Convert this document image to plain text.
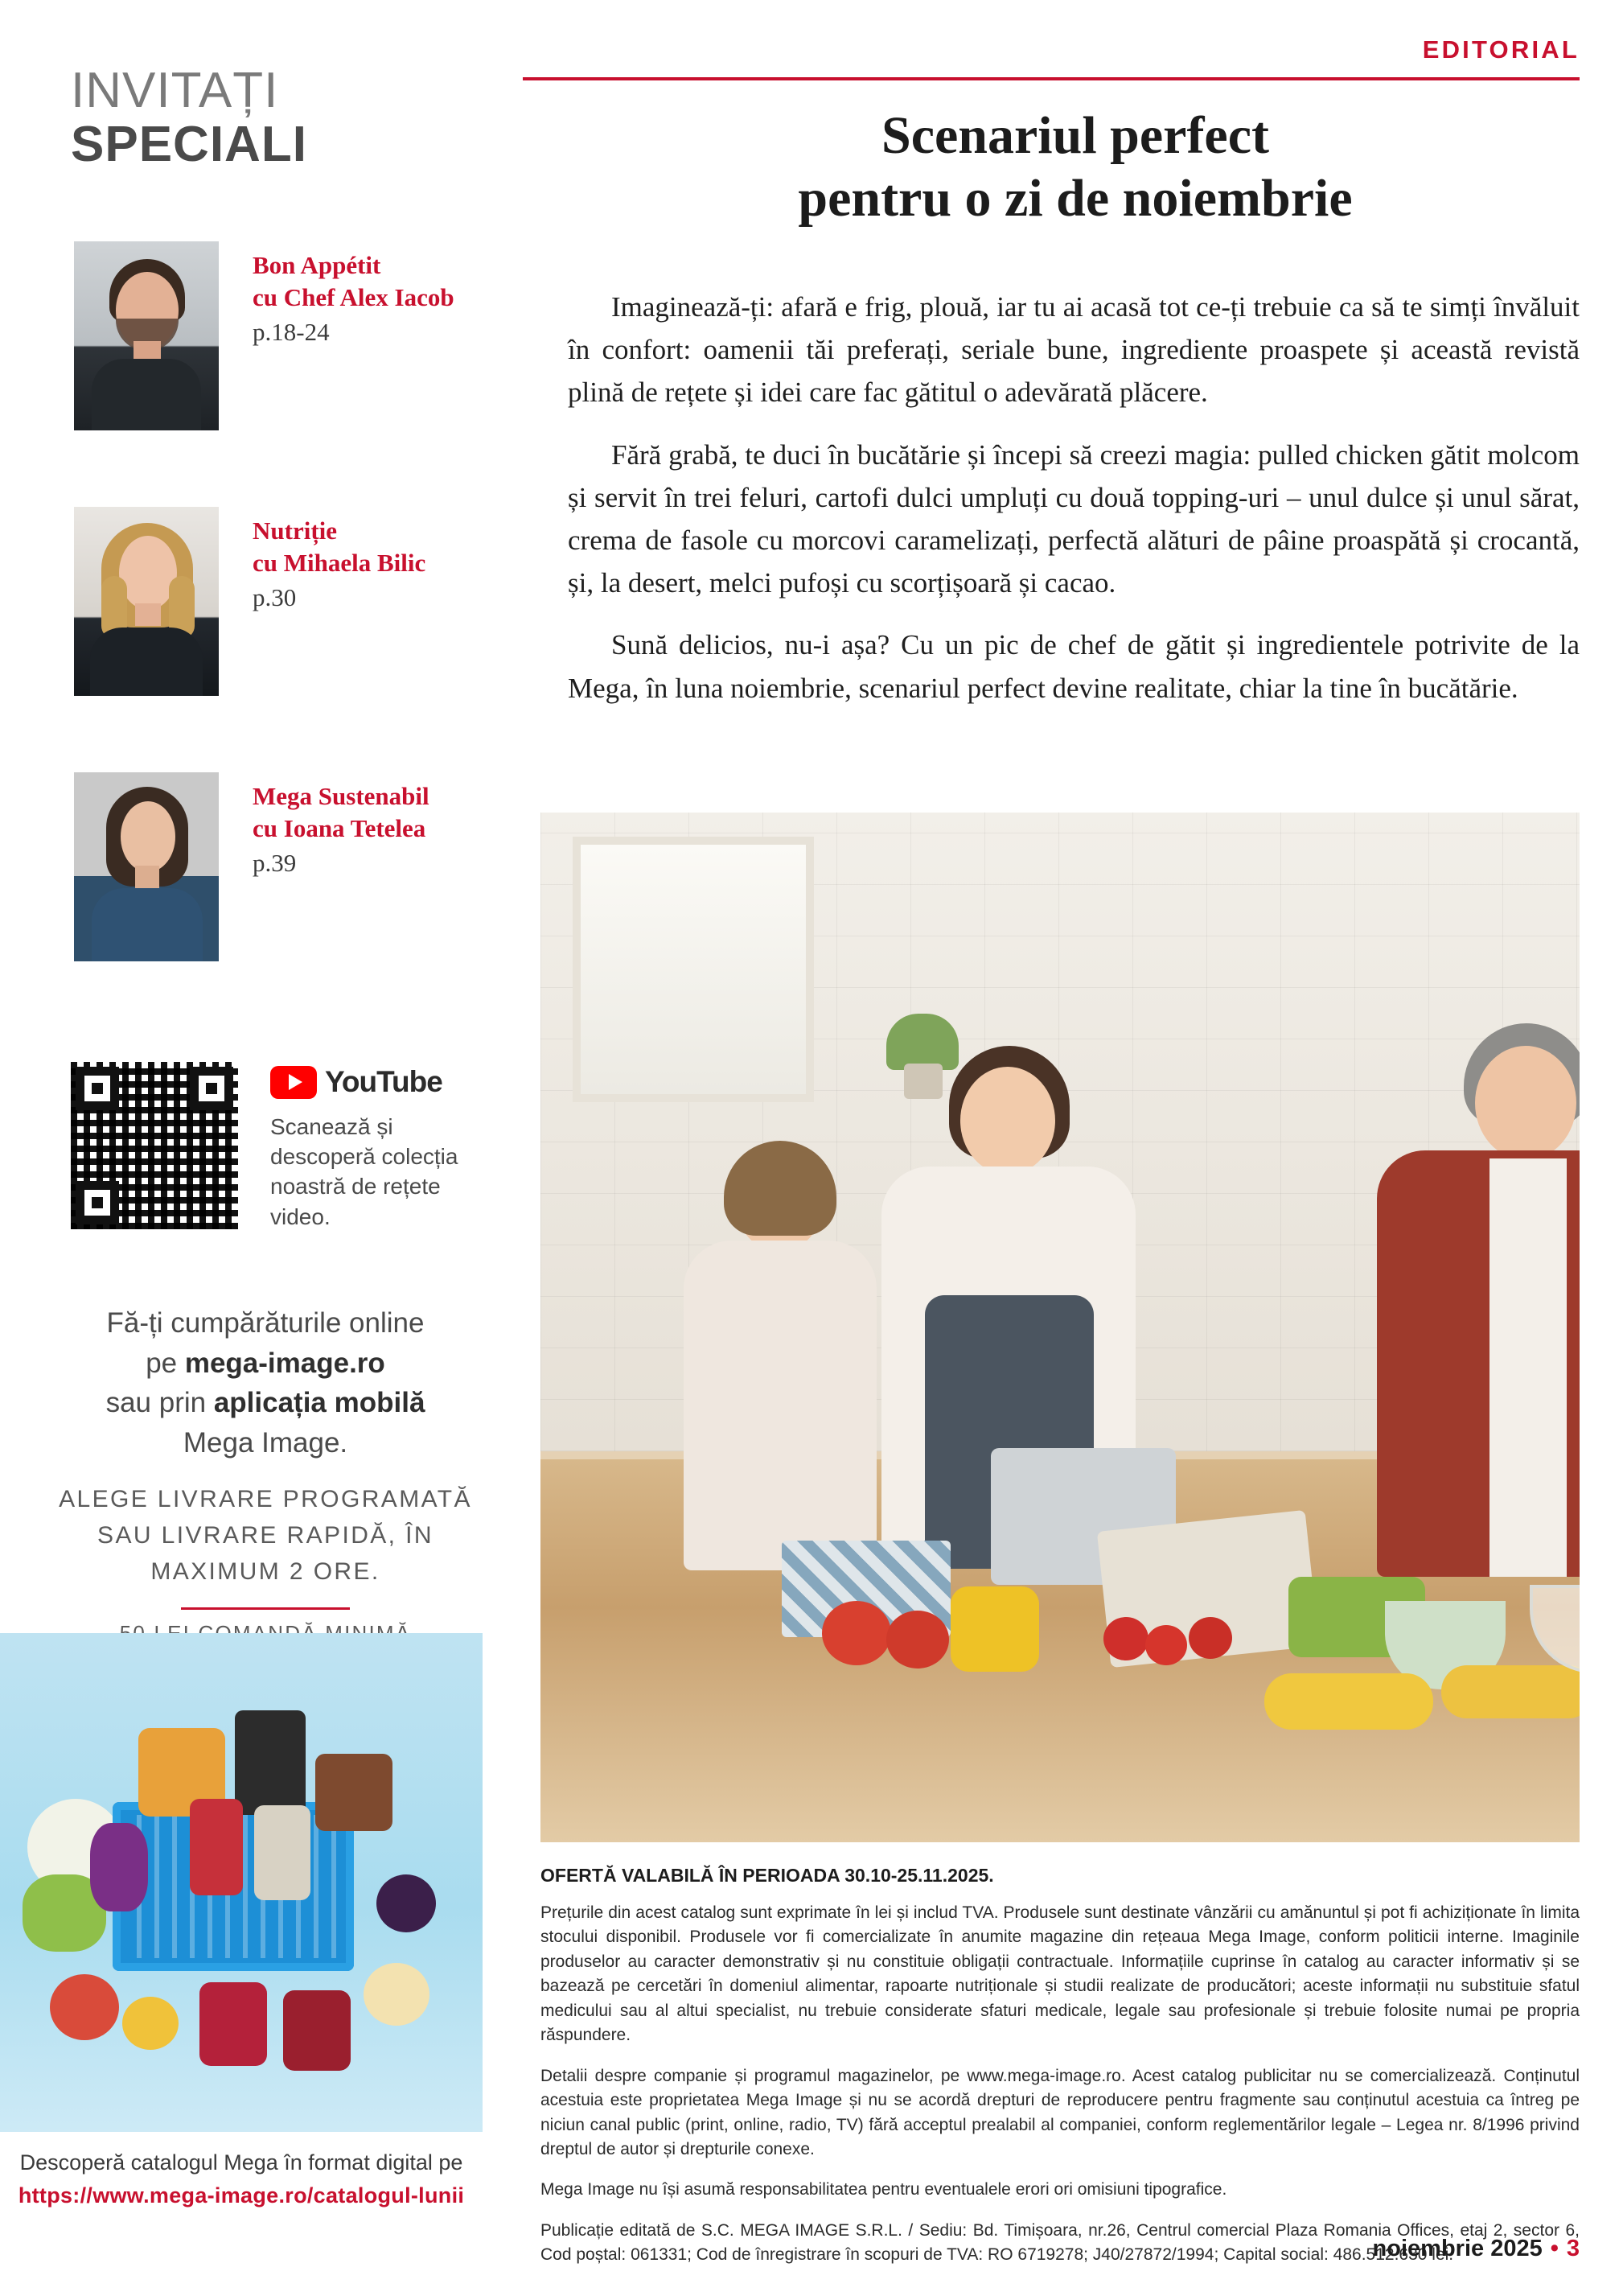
INVITAȚI
SPECIALI
Bon Appétit
cu Chef Alex Iacob
p.18-24
Nutriție
cu Mihaela Bilic
p.30
Mega Sustenabil
cu Ioana Tetelea
p.39
YouTube
Scanează și descoperă colecția noastră de rețete video.
Fă-ți cumpărăturile online
pe mega-image.ro
sau prin aplicația mobilă
Mega Image.
ALEGE LIVRARE PROGRAMATĂ SAU LIVRARE RAPIDĂ, ÎN MAXIMUM 2 ORE.
Descoperă catalogul Mega în format digital pe
https://www.mega-image.ro/catalogul-lunii
EDITORIAL
Scenariul perfect
pentru o zi de noiembrie

Imaginează-ți: afară e frig, plouă, iar tu ai acasă tot ce-ți trebuie ca să te simți învăluit în confort: oamenii tăi preferați, seriale bune, ingrediente proaspete și această revistă plină de rețete și idei care fac gătitul o adevărată plăcere.

Fără grabă, te duci în bucătărie și începi să creezi magia: pulled chicken gătit molcom și servit în trei feluri, cartofi dulci umpluți cu două topping-uri – unul dulce și unul sărat, crema de fasole cu morcovi caramelizați, perfectă alături de pâine proaspătă și crocantă, și, la desert, melci pufoși cu scorțișoară și cacao.

Sună delicios, nu-i așa? Cu un pic de chef de gătit și ingredientele potrivite de la Mega, în luna noiembrie, scenariul perfect devine realitate, chiar la tine în bucătărie.

OFERTĂ VALABILĂ ÎN PERIOADA 30.10-25.11.2025.

Prețurile din acest catalog sunt exprimate în lei și includ TVA. Produsele sunt destinate vânzării cu amănuntul și pot fi achiziționate în limita stocului disponibil. Produsele vor fi comercializate în anumite magazine din rețeaua Mega Image, conform politicii interne. Imaginile produselor au caracter demonstrativ și nu constituie obligații contractuale. Informațiile cuprinse în catalog au caracter informativ și se bazează pe cercetări în domeniul alimentar, rapoarte nutriționale și studii realizate de producători; aceste informații nu substituie sfatul medicului sau al altui specialist, nu trebuie considerate sfaturi medicale, legale sau profesionale și trebuie folosite numai pe propria răspundere.

Detalii despre companie și programul magazinelor, pe www.mega-image.ro. Acest catalog publicitar nu se comercializează. Conținutul acestuia este proprietatea Mega Image și nu se acordă drepturi de reproducere pentru fragmente sau conținutul acestuia ca întreg pe niciun canal public (print, online, radio, TV) fără acceptul prealabil al companiei, conform reglementărilor legale – Legea nr. 8/1996 privind dreptul de autor și drepturile conexe.

Mega Image nu își asumă responsabilitatea pentru eventualele erori ori omisiuni tipografice.

Publicație editată de S.C. MEGA IMAGE S.R.L. / Sediu: Bd. Timișoara, nr.26, Centrul comercial Plaza Romania Offices, etaj 2, sector 6, Cod poștal: 061331; Cod de înregistrare în scopuri de TVA: RO 6719278; J40/27872/1994; Capital social: 486.512.630 lei.

noiembrie 2025 • 3
